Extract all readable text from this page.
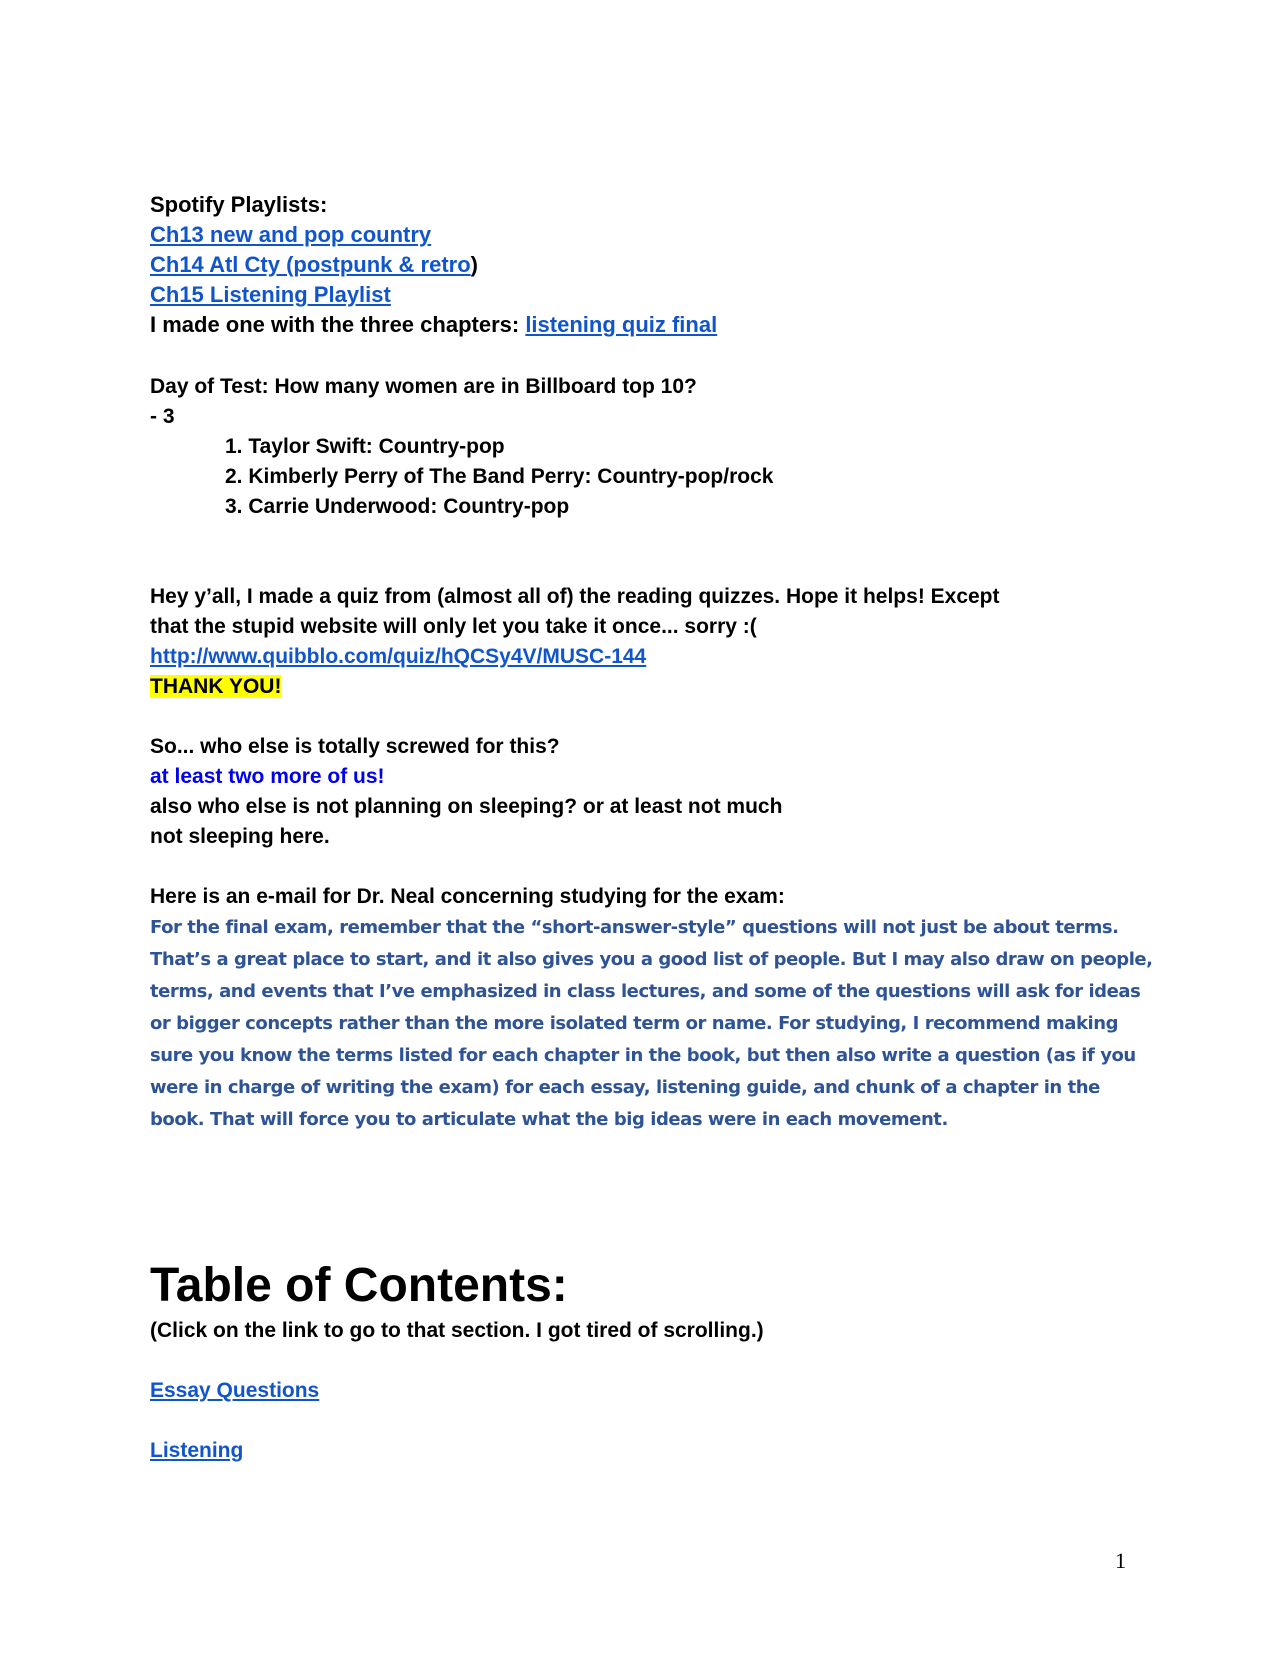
Spotify Playlists:
Ch13 new and pop country
Ch14 Atl Cty (postpunk & retro)
Ch15 Listening Playlist
I made one with the three chapters: listening quiz final
Day of Test: How many women are in Billboard top 10?
- 3
1. Taylor Swift: Country-pop
2. Kimberly Perry of The Band Perry: Country-pop/rock
3. Carrie Underwood: Country-pop
Hey y’all, I made a quiz from (almost all of) the reading quizzes. Hope it helps! Except
that the stupid website will only let you take it once... sorry :(
http://www.quibblo.com/quiz/hQCSy4V/MUSC-144
THANK YOU!
So... who else is totally screwed for this?
at least two more of us!
also who else is not planning on sleeping? or at least not much
not sleeping here.
Here is an e-mail for Dr. Neal concerning studying for the exam:
For the final exam, remember that the “short-answer-style” questions will not just be about terms.
That’s a great place to start, and it also gives you a good list of people. But I may also draw on people,
terms, and events that I’ve emphasized in class lectures, and some of the questions will ask for ideas
or bigger concepts rather than the more isolated term or name. For studying, I recommend making
sure you know the terms listed for each chapter in the book, but then also write a question (as if you
were in charge of writing the exam) for each essay, listening guide, and chunk of a chapter in the
book. That will force you to articulate what the big ideas were in each movement.
Table of Contents:
(Click on the link to go to that section. I got tired of scrolling.)
Essay Questions
Listening
1
